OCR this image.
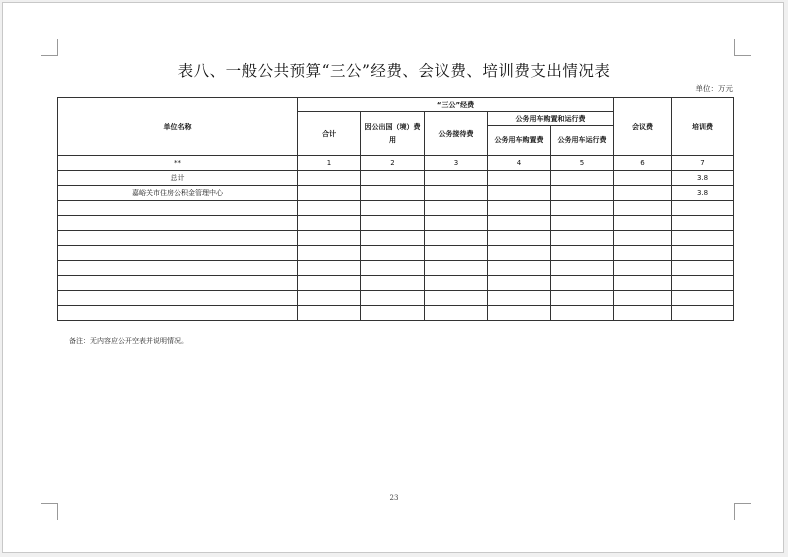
表八、一般公共预算“三公”经费、会议费、培训费支出情况表
单位：万元
单位名称	“三公”经费					会议费	培训费
	合计	因公出国（境）费用	公务接待费	公务用车购置和运行费			
				公务用车购置费	公务用车运行费		
**	1	2	3	4	5	6	7
总计							3.8
嘉峪关市住房公积金管理中心							3.8

备注：无内容应公开空表并说明情况。
23
